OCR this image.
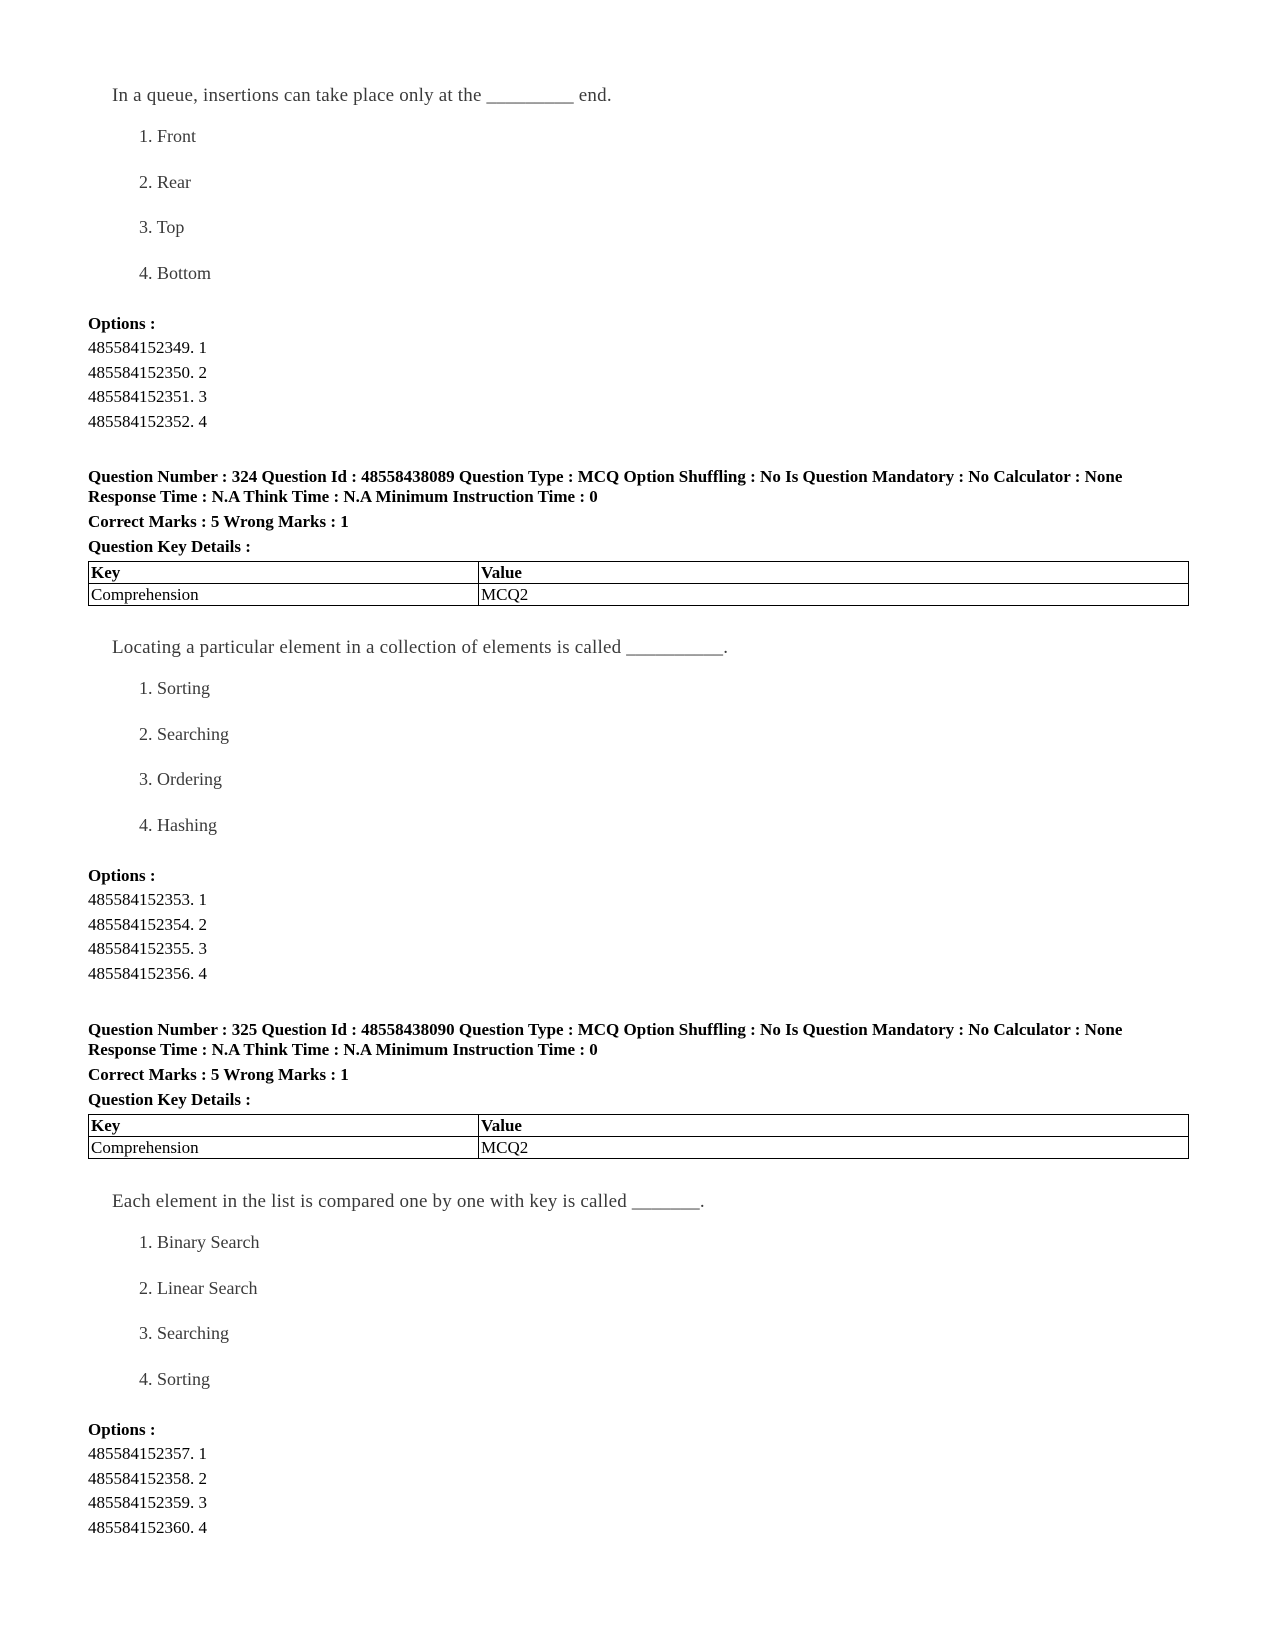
In a queue, insertions can take place only at the _________ end.
1. Front
2. Rear
3. Top
4. Bottom
Options :
485584152349. 1
485584152350. 2
485584152351. 3
485584152352. 4
Question Number : 324 Question Id : 48558438089 Question Type : MCQ Option Shuffling : No Is Question Mandatory : No Calculator : None
Response Time : N.A Think Time : N.A Minimum Instruction Time : 0
Correct Marks : 5 Wrong Marks : 1
Question Key Details :
Key	Value
Comprehension	MCQ2
Locating a particular element in a collection of elements is called __________.
1. Sorting
2. Searching
3. Ordering
4. Hashing
Options :
485584152353. 1
485584152354. 2
485584152355. 3
485584152356. 4
Question Number : 325 Question Id : 48558438090 Question Type : MCQ Option Shuffling : No Is Question Mandatory : No Calculator : None
Response Time : N.A Think Time : N.A Minimum Instruction Time : 0
Correct Marks : 5 Wrong Marks : 1
Question Key Details :
Key	Value
Comprehension	MCQ2
Each element in the list is compared one by one with key is called _______.
1. Binary Search
2. Linear Search
3. Searching
4. Sorting
Options :
485584152357. 1
485584152358. 2
485584152359. 3
485584152360. 4
